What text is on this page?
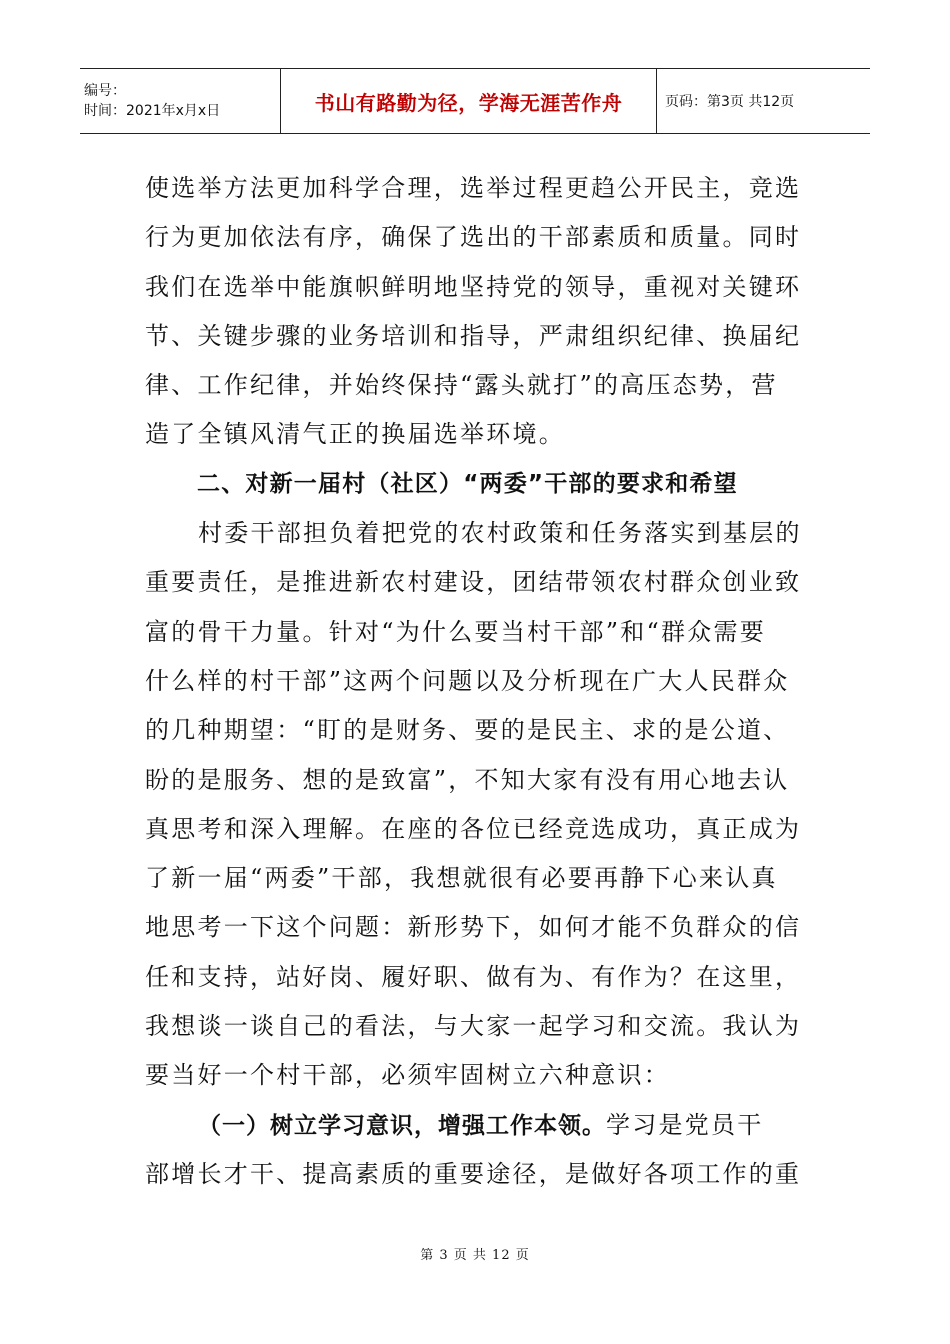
编号：
时间：2021年x月x日	书山有路勤为径，学海无涯苦作舟	页码：第3页 共12页
使选举方法更加科学合理，选举过程更趋公开民主，竞选
行为更加依法有序，确保了选出的干部素质和质量。同时
我们在选举中能旗帜鲜明地坚持党的领导，重视对关键环
节、关键步骤的业务培训和指导，严肃组织纪律、换届纪
律、工作纪律，并始终保持“露头就打”的高压态势，营
造了全镇风清气正的换届选举环境。
二、对新一届村（社区）“两委”干部的要求和希望
村委干部担负着把党的农村政策和任务落实到基层的
重要责任，是推进新农村建设，团结带领农村群众创业致
富的骨干力量。针对“为什么要当村干部”和“群众需要
什么样的村干部”这两个问题以及分析现在广大人民群众
的几种期望：“盯的是财务、要的是民主、求的是公道、
盼的是服务、想的是致富”，不知大家有没有用心地去认
真思考和深入理解。在座的各位已经竞选成功，真正成为
了新一届“两委”干部，我想就很有必要再静下心来认真
地思考一下这个问题：新形势下，如何才能不负群众的信
任和支持，站好岗、履好职、做有为、有作为？在这里，
我想谈一谈自己的看法，与大家一起学习和交流。我认为
要当好一个村干部，必须牢固树立六种意识：
（一）树立学习意识，增强工作本领。学习是党员干
部增长才干、提高素质的重要途径，是做好各项工作的重
第 3 页 共 12 页
